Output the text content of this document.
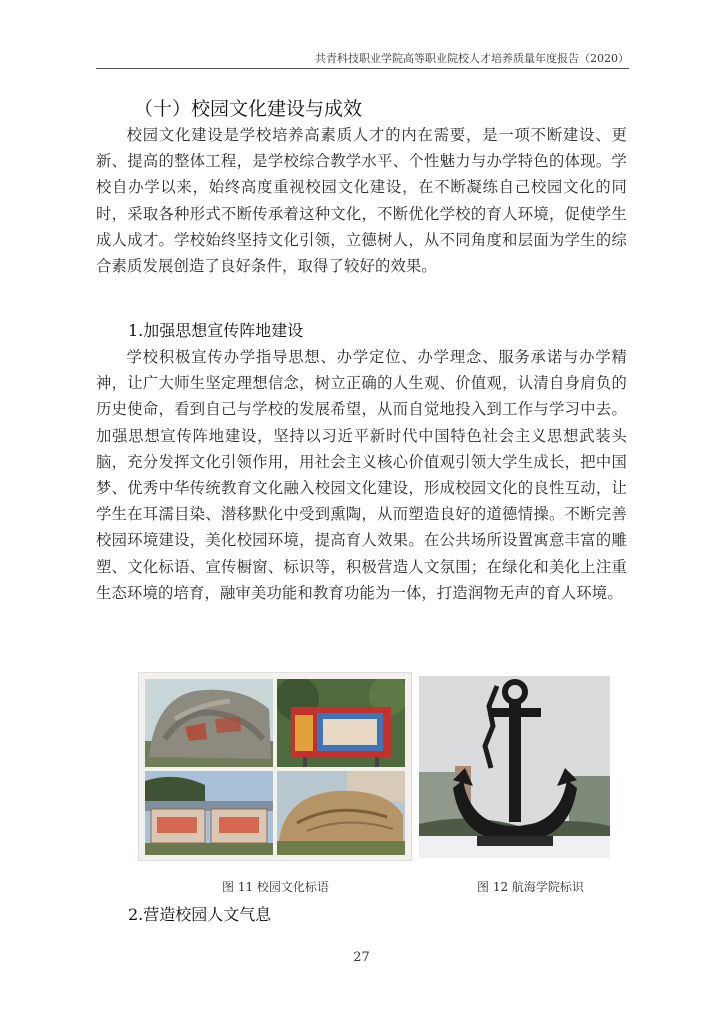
共青科技职业学院高等职业院校人才培养质量年度报告（2020）
（十）校园文化建设与成效

校园文化建设是学校培养高素质人才的内在需要，是一项不断建设、更新、提高的整体工程，是学校综合教学水平、个性魅力与办学特色的体现。学校自办学以来，始终高度重视校园文化建设，在不断凝练自己校园文化的同时，采取各种形式不断传承着这种文化，不断优化学校的育人环境，促使学生成人成才。学校始终坚持文化引领，立德树人，从不同角度和层面为学生的综合素质发展创造了良好条件，取得了较好的效果。

1.加强思想宣传阵地建设

学校积极宣传办学指导思想、办学定位、办学理念、服务承诺与办学精神，让广大师生坚定理想信念，树立正确的人生观、价值观，认清自身肩负的历史使命，看到自己与学校的发展希望，从而自觉地投入到工作与学习中去。加强思想宣传阵地建设，坚持以习近平新时代中国特色社会主义思想武装头脑，充分发挥文化引领作用，用社会主义核心价值观引领大学生成长，把中国梦、优秀中华传统教育文化融入校园文化建设，形成校园文化的良性互动，让学生在耳濡目染、潜移默化中受到熏陶，从而塑造良好的道德情操。不断完善校园环境建设，美化校园环境，提高育人效果。在公共场所设置寓意丰富的雕塑、文化标语、宣传橱窗、标识等，积极营造人文氛围；在绿化和美化上注重生态环境的培育，融审美功能和教育功能为一体，打造润物无声的育人环境。

图 11 校园文化标语	图 12 航海学院标识
2.营造校园人文气息
27
